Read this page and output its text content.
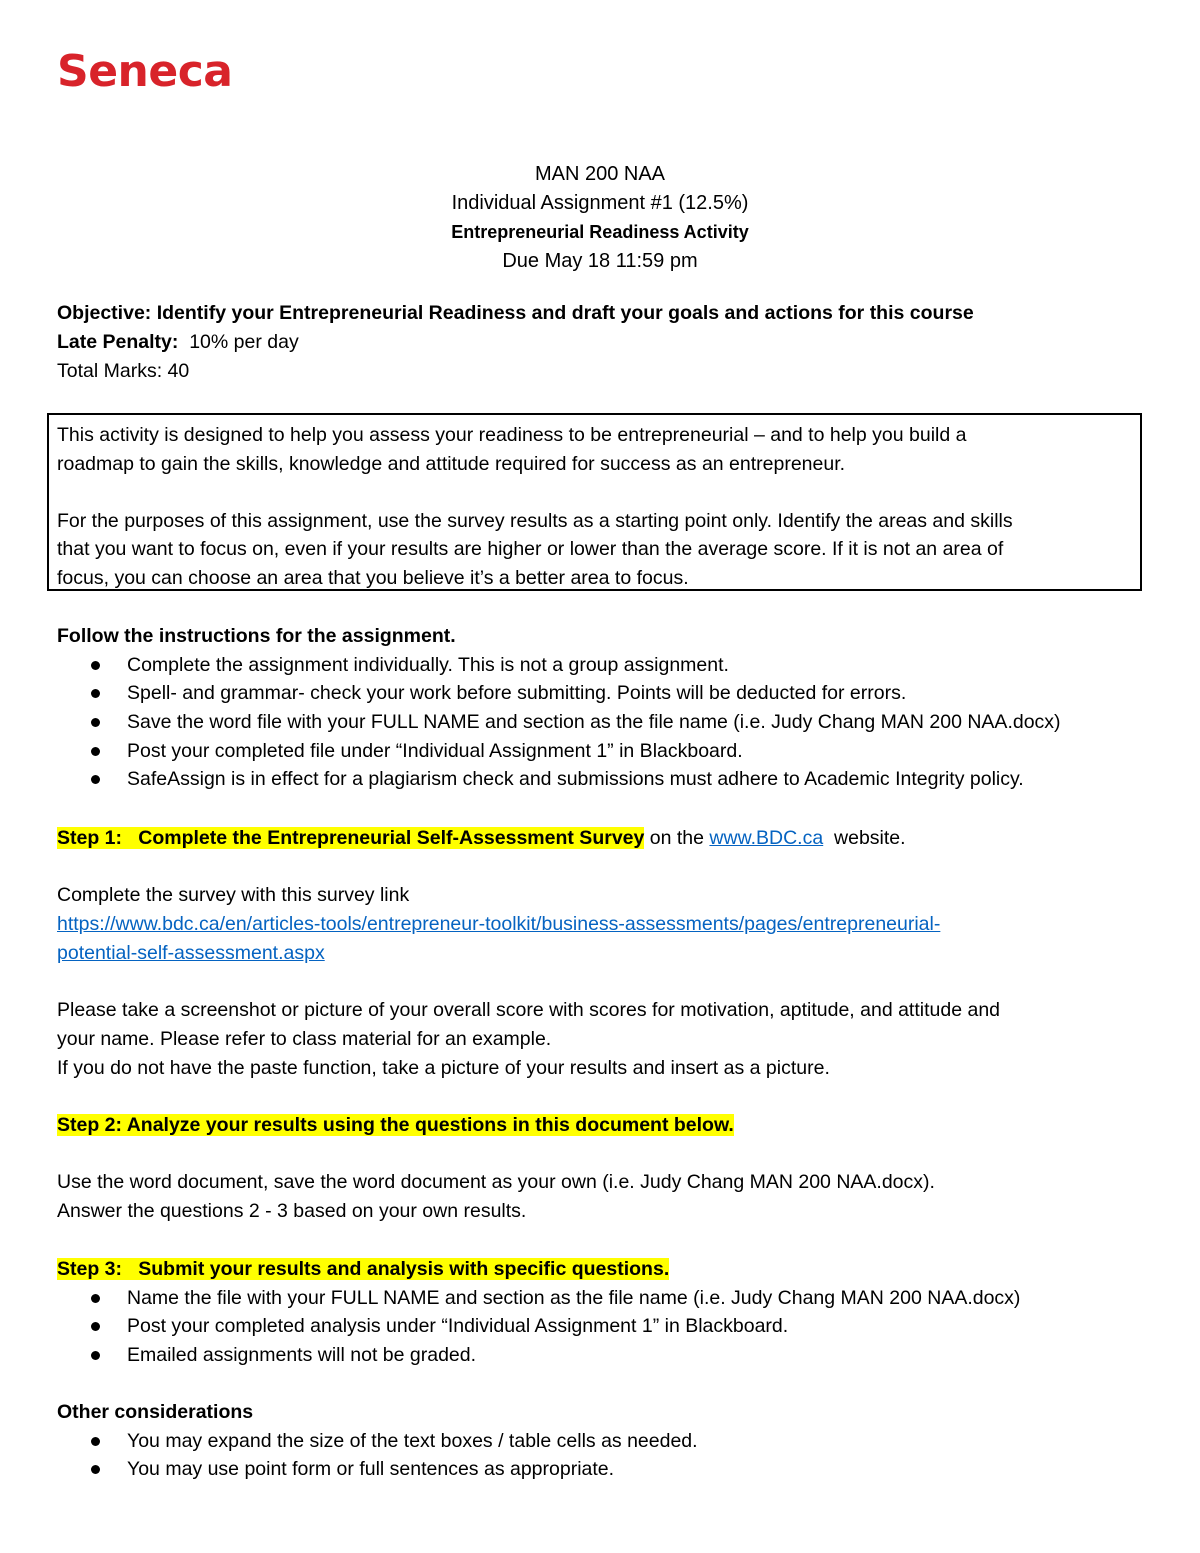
Seneca
MAN 200 NAA
Individual Assignment #1 (12.5%)
Entrepreneurial Readiness Activity
Due May 18 11:59 pm
Objective: Identify your Entrepreneurial Readiness and draft your goals and actions for this course
Late Penalty:  10% per day
Total Marks: 40

This activity is designed to help you assess your readiness to be entrepreneurial – and to help you build a

roadmap to gain the skills, knowledge and attitude required for success as an entrepreneur.

For the purposes of this assignment, use the survey results as a starting point only. Identify the areas and skills

that you want to focus on, even if your results are higher or lower than the average score. If it is not an area of

focus, you can choose an area that you believe it’s a better area to focus.

Follow the instructions for the assignment.

Complete the assignment individually. This is not a group assignment.
Spell- and grammar- check your work before submitting. Points will be deducted for errors.
Save the word file with your FULL NAME and section as the file name (i.e. Judy Chang MAN 200 NAA.docx)
Post your completed file under “Individual Assignment 1” in Blackboard.
SafeAssign is in effect for a plagiarism check and submissions must adhere to Academic Integrity policy.

Step 1:   Complete the Entrepreneurial Self-Assessment Survey on the www.BDC.ca  website.

Complete the survey with this survey link

https://www.bdc.ca/en/articles-tools/entrepreneur-toolkit/business-assessments/pages/entrepreneurial-

potential-self-assessment.aspx

Please take a screenshot or picture of your overall score with scores for motivation, aptitude, and attitude and

your name. Please refer to class material for an example.

If you do not have the paste function, take a picture of your results and insert as a picture.

Step 2: Analyze your results using the questions in this document below.

Use the word document, save the word document as your own (i.e. Judy Chang MAN 200 NAA.docx).

Answer the questions 2 - 3 based on your own results.

Step 3:   Submit your results and analysis with specific questions.

Name the file with your FULL NAME and section as the file name (i.e. Judy Chang MAN 200 NAA.docx)
Post your completed analysis under “Individual Assignment 1” in Blackboard.
Emailed assignments will not be graded.

Other considerations

You may expand the size of the text boxes / table cells as needed.
You may use point form or full sentences as appropriate.
